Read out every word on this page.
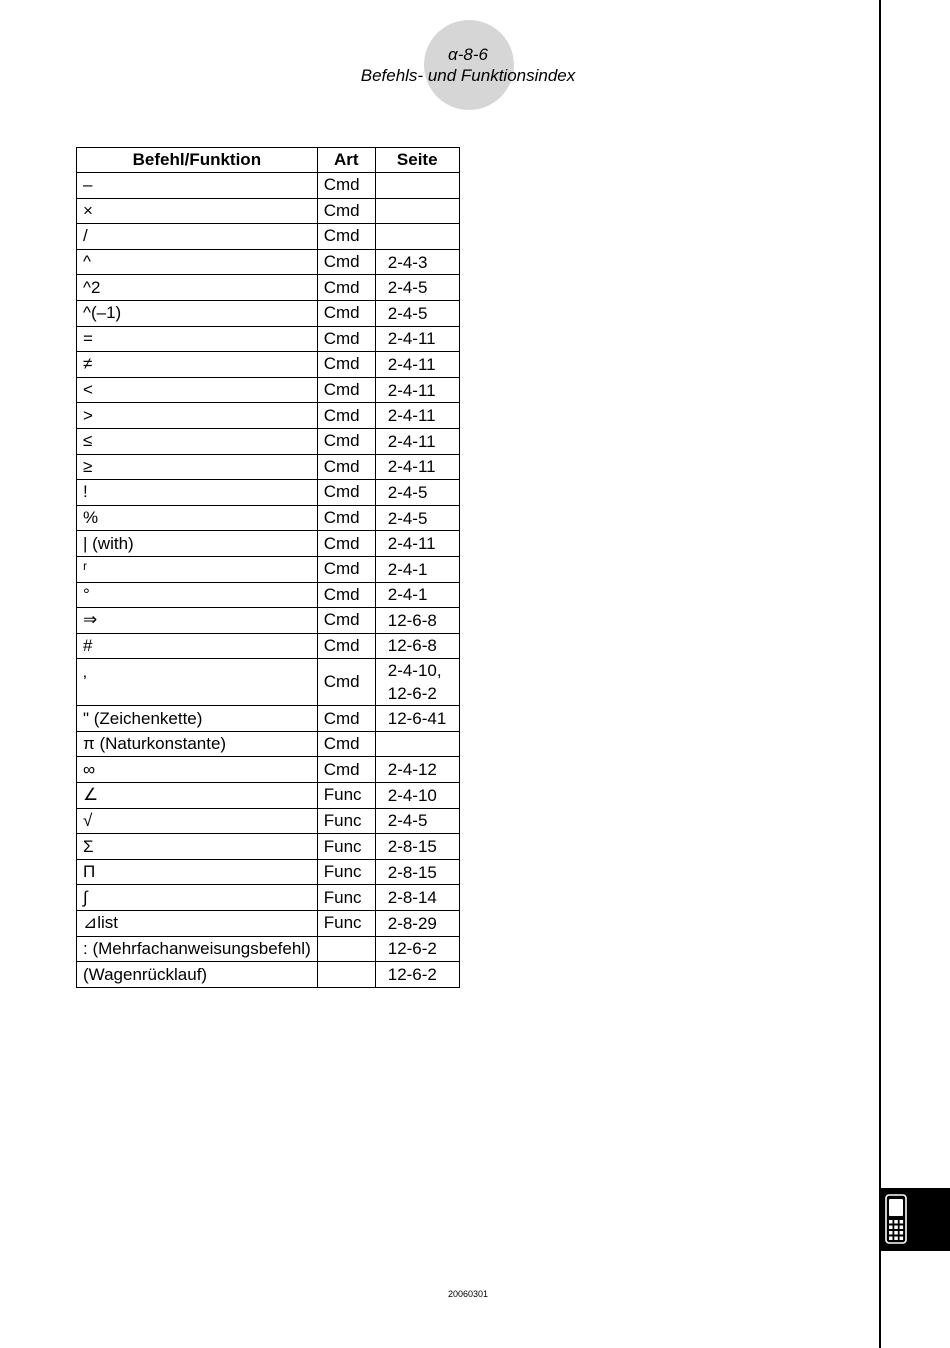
α-8-6
Befehls- und Funktionsindex
Befehl/Funktion	Art	Seite
–	Cmd	

×	Cmd	

/	Cmd	

^	Cmd	2-4-3

^2	Cmd	2-4-5

^(–1)	Cmd	2-4-5

=	Cmd	2-4-11

≠	Cmd	2-4-11

<	Cmd	2-4-11

>	Cmd	2-4-11

≤	Cmd	2-4-11

≥	Cmd	2-4-11

!	Cmd	2-4-5

%	Cmd	2-4-5

| (with)	Cmd	2-4-11

ʳ	Cmd	2-4-1

°	Cmd	2-4-1

⇒	Cmd	12-6-8

#	Cmd	12-6-8

’	Cmd	2-4-10,
12-6-2

" (Zeichenkette)	Cmd	12-6-41

π (Naturkonstante)	Cmd	

∞	Cmd	2-4-12

∠	Func	2-4-10

√	Func	2-4-5

Σ	Func	2-8-15

Π	Func	2-8-15

∫	Func	2-8-14

⊿list	Func	2-8-29

: (Mehrfachanweisungsbefehl)		12-6-2

(Wagenrücklauf)		12-6-2
20060301
